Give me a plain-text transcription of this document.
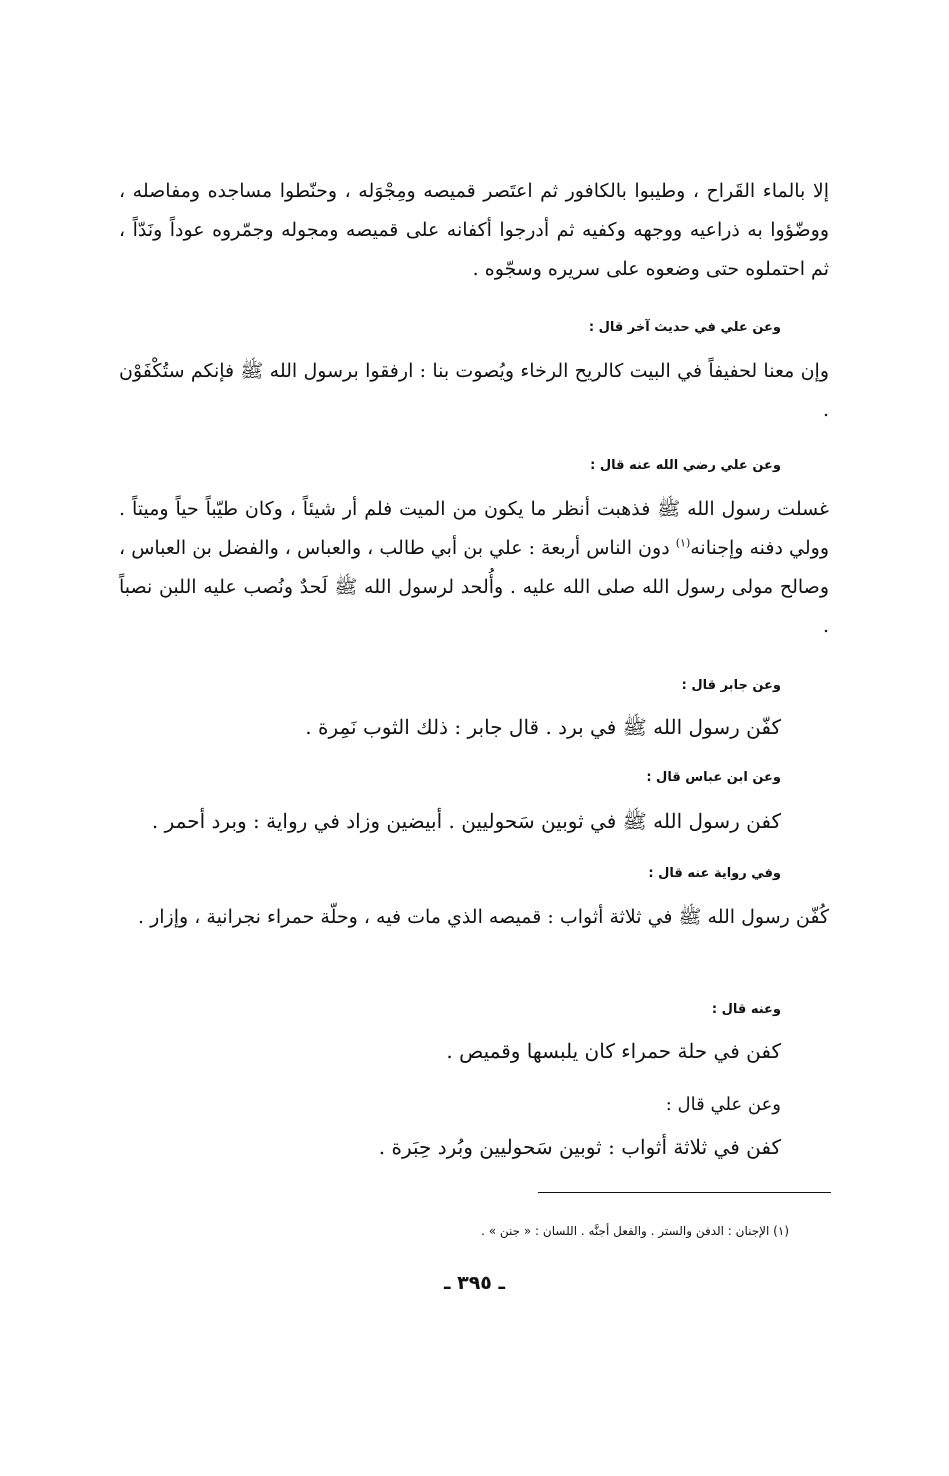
إلا بالماء القَراح ، وطيبوا بالكافور ثم اعتَصر قميصه ومِجْوَله ، وحنّطوا مساجده ومفاصله ، ووضّؤوا به ذراعيه ووجهه وكفيه ثم أدرجوا أكفانه على قميصه ومجوله وجمّروه عوداً ونَدّاً ، ثم احتملوه حتى وضعوه على سريره وسجّوه .
وعن علي في حديث آخر قال :
وإن معنا لحفيفاً في البيت كالريح الرخاء ويُصوت بنا : ارفقوا برسول الله ﷺ فإنكم ستُكْفَوْن .
وعن علي رضي الله عنه قال :
غسلت رسول الله ﷺ فذهبت أنظر ما يكون من الميت فلم أر شيئاً ، وكان طيّباً حياً وميتاً . وولي دفنه وإجنانه$^{(١)}$ دون الناس أربعة : علي بن أبي طالب ، والعباس ، والفضل بن العباس ، وصالح مولى رسول الله صلى الله عليه . وأُلحد لرسول الله ﷺ لَحدٌ ونُصب عليه اللبن نصباً .
وعن جابر قال :
كفّن رسول الله ﷺ في برد . قال جابر : ذلك الثوب نَمِرة .
وعن ابن عباس قال :
كفن رسول الله ﷺ في ثوبين سَحوليين . أبيضين وزاد في رواية : وبرد أحمر .
وفي رواية عنه قال :
كُفّن رسول الله ﷺ في ثلاثة أثواب : قميصه الذي مات فيه ، وحلّة حمراء نجرانية ، وإزار .
وعنه قال :
كفن في حلة حمراء كان يلبسها وقميص .
وعن علي قال :
كفن في ثلاثة أثواب : ثوبين سَحوليين وبُرد حِبَرة .
(١) الإجنان : الدفن والستر . والفعل أجنَّه . اللسان : « جنن » .
ـ ٣٩٥ ـ
